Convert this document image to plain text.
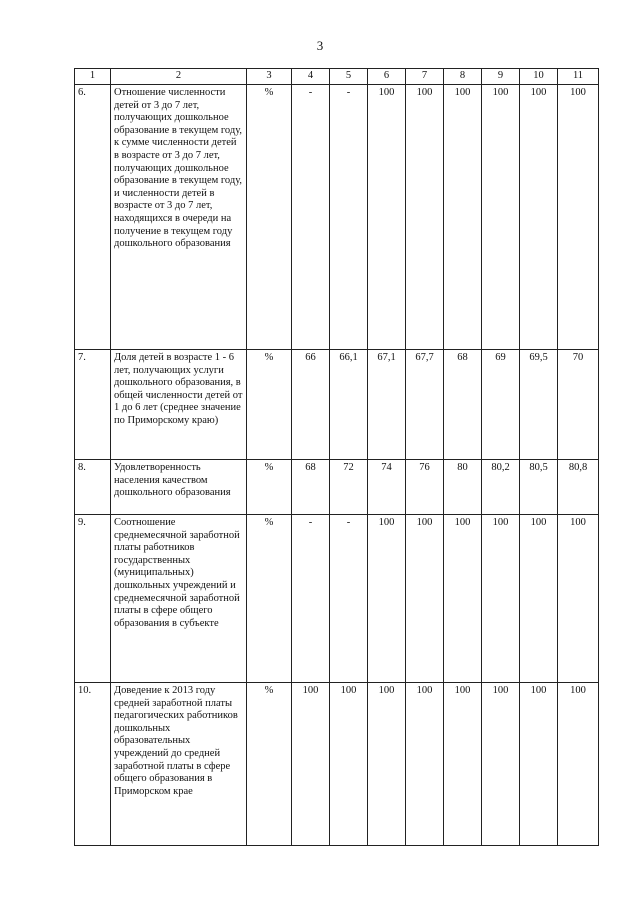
3
1	2	3	4	5	6	7	8	9	10	11
6.	Отношение численности детей от 3 до 7 лет, получающих дошкольное образование в текущем году, к сумме численности детей в возрасте от 3 до 7 лет, получающих дошкольное образование в текущем году, и численности детей в возрасте от 3 до 7 лет, находящихся в очереди на получение в текущем году дошкольного образования	%	-	-	100	100	100	100	100	100
7.	Доля детей в возрасте 1 - 6 лет, получающих услуги дошкольного образования, в общей численности детей от 1 до 6 лет (среднее значение по Приморскому краю)	%	66	66,1	67,1	67,7	68	69	69,5	70
8.	Удовлетворенность населения качеством дошкольного образования	%	68	72	74	76	80	80,2	80,5	80,8
9.	Соотношение среднемесячной заработной платы работников государственных (муниципальных) дошкольных учреждений и среднемесячной заработной платы в сфере общего образования в субъекте	%	-	-	100	100	100	100	100	100
10.	Доведение к 2013 году средней заработной платы педагогических работников дошкольных образовательных учреждений до средней заработной платы в сфере общего образования в Приморском крае	%	100	100	100	100	100	100	100	100
